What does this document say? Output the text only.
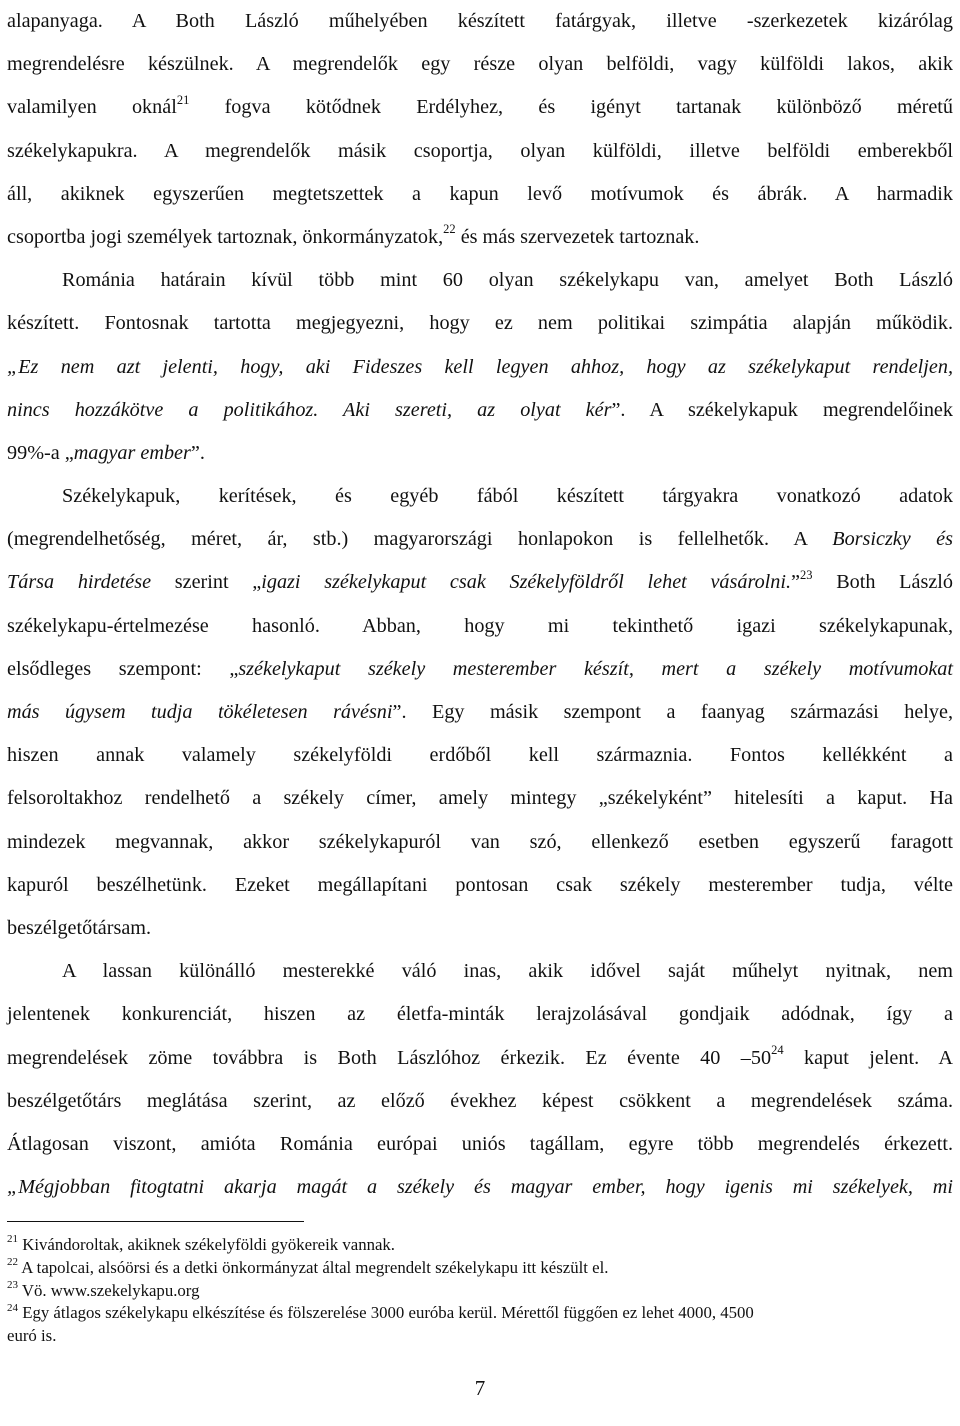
alapanyaga. A Both László műhelyében készített fatárgyak, illetve -szerkezetek kizárólag
megrendelésre készülnek. A megrendelők egy része olyan belföldi, vagy külföldi lakos, akik
valamilyen oknál$^{21}$ fogva kötődnek Erdélyhez, és igényt tartanak különböző méretű
székelykapukra. A megrendelők másik csoportja, olyan külföldi, illetve belföldi emberekből
áll, akiknek egyszerűen megtetszettek a kapun levő motívumok és ábrák. A harmadik
csoportba jogi személyek tartoznak, önkormányzatok,$^{22}$ és más szervezetek tartoznak.
Románia határain kívül több mint 60 olyan székelykapu van, amelyet Both László
készített. Fontosnak tartotta megjegyezni, hogy ez nem politikai szimpátia alapján működik.
„Ez nem azt jelenti, hogy, aki Fideszes kell legyen ahhoz, hogy az székelykaput rendeljen,
nincs hozzákötve a politikához. Aki szereti, az olyat kér”. A székelykapuk megrendelőinek
99%-a „magyar ember”.
Székelykapuk, kerítések, és egyéb fából készített tárgyakra vonatkozó adatok
(megrendelhetőség, méret, ár, stb.) magyarországi honlapokon is fellelhetők. A Borsiczky és
Társa hirdetése szerint „igazi székelykaput csak Székelyföldről lehet vásárolni.”$^{23}$ Both László
székelykapu-értelmezése hasonló. Abban, hogy mi tekinthető igazi székelykapunak,
elsődleges szempont: „székelykaput székely mesterember készít, mert a székely motívumokat
más úgysem tudja tökéletesen rávésni”. Egy másik szempont a faanyag származási helye,
hiszen annak valamely székelyföldi erdőből kell származnia. Fontos kellékként a
felsoroltakhoz rendelhető a székely címer, amely mintegy „székelyként” hitelesíti a kaput. Ha
mindezek megvannak, akkor székelykapuról van szó, ellenkező esetben egyszerű faragott
kapuról beszélhetünk. Ezeket megállapítani pontosan csak székely mesterember tudja, vélte
beszélgetőtársam.
A lassan különálló mesterekké váló inas, akik idővel saját műhelyt nyitnak, nem
jelentenek konkurenciát, hiszen az életfa-minták lerajzolásával gondjaik adódnak, így a
megrendelések zöme továbbra is Both Lászlóhoz érkezik. Ez évente 40 $-50^{24}$ kaput jelent. A
beszélgetőtárs meglátása szerint, az előző évekhez képest csökkent a megrendelések száma.
Átlagosan viszont, amióta Románia európai uniós tagállam, egyre több megrendelés érkezett.
„Mégjobban fitogtatni akarja magát a székely és magyar ember, hogy igenis mi székelyek, mi
$^{21}$ Kivándoroltak, akiknek székelyföldi gyökereik vannak.
$^{22}$ A tapolcai, alsóörsi és a detki önkormányzat által megrendelt székelykapu itt készült el.
$^{23}$ Vö. www.szekelykapu.org
$^{24}$ Egy átlagos székelykapu elkészítése és fölszerelése 3000 euróba kerül. Mérettől függően ez lehet 4000, 4500
euró is.
7
